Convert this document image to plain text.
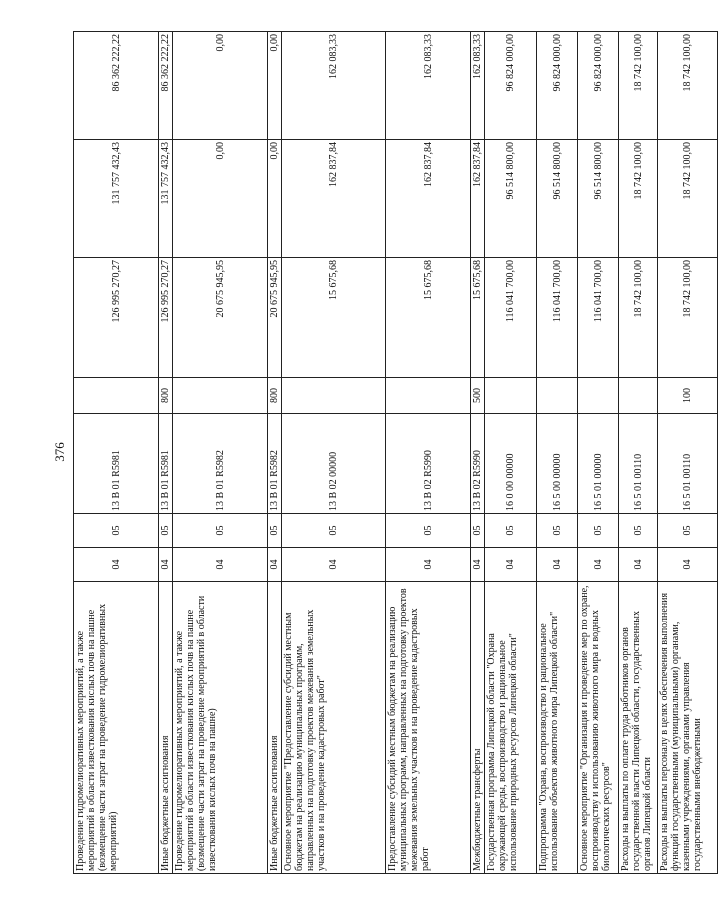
376
Проведение гидромелиоративных мероприятий, а также мероприятий в области известкования кислых почв на пашне (возмещение части затрат на проведение гидромелиоративных мероприятий)	04	05	13 В 01 R5981		126 995 270,27	131 757 432,43	86 362 222,22
Иные бюджетные ассигнования	04	05	13 В 01 R5981	800	126 995 270,27	131 757 432,43	86 362 222,22
Проведение гидромелиоративных мероприятий, а также мероприятий в области известкования кислых почв на пашне (возмещение части затрат на проведение мероприятий в области известкования кислых почв на пашне)	04	05	13 В 01 R5982		20 675 945,95	0,00	0,00
Иные бюджетные ассигнования	04	05	13 В 01 R5982	800	20 675 945,95	0,00	0,00
Основное мероприятие "Предоставление субсидий местным бюджетам на реализацию муниципальных программ, направленных на подготовку проектов межевания земельных участков и на проведение кадастровых работ"	04	05	13 В 02 00000		15 675,68	162 837,84	162 083,33
Предоставление субсидий местным бюджетам на реализацию муниципальных программ, направленных на подготовку проектов межевания земельных участков и на проведение кадастровых работ	04	05	13 В 02 R5990		15 675,68	162 837,84	162 083,33
Межбюджетные трансферты	04	05	13 В 02 R5990	500	15 675,68	162 837,84	162 083,33
Государственная программа Липецкой области "Охрана окружающей среды, воспроизводство и рациональное использование природных ресурсов Липецкой области"	04	05	16 0 00 00000		116 041 700,00	96 514 800,00	96 824 000,00
Подпрограмма "Охрана, воспроизводство и рациональное использование объектов животного мира Липецкой области"	04	05	16 5 00 00000		116 041 700,00	96 514 800,00	96 824 000,00
Основное мероприятие "Организация и проведение мер по охране, воспроизводству и использованию животного мира и водных биологических ресурсов"	04	05	16 5 01 00000		116 041 700,00	96 514 800,00	96 824 000,00
Расходы на выплаты по оплате труда работников органов государственной власти Липецкой области, государственных органов Липецкой области	04	05	16 5 01 00110		18 742 100,00	18 742 100,00	18 742 100,00
Расходы на выплаты персоналу в целях обеспечения выполнения функций государственными (муниципальными) органами, казенными учреждениями, органами управления государственными внебюджетными	04	05	16 5 01 00110	100	18 742 100,00	18 742 100,00	18 742 100,00
